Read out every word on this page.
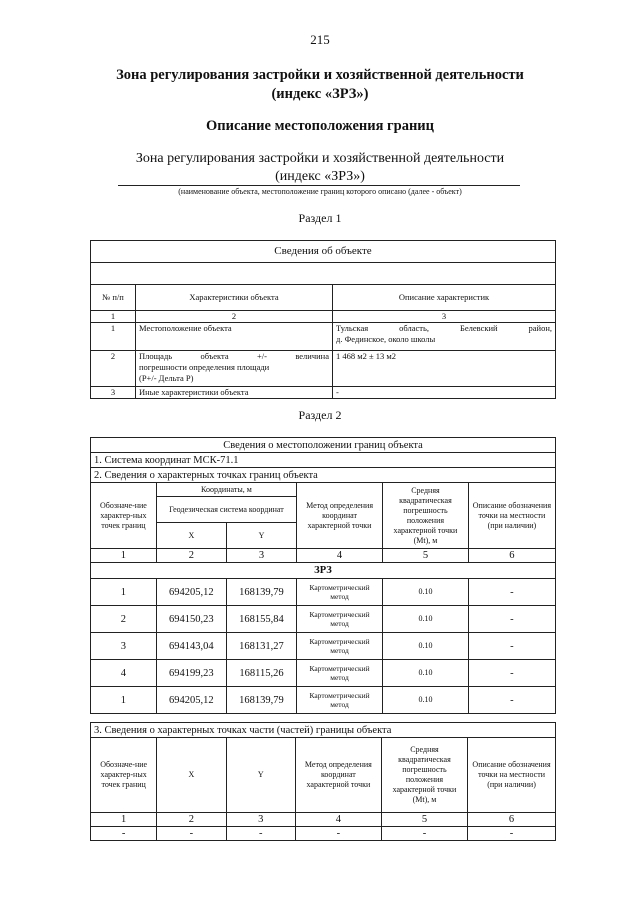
215
Зона регулирования застройки и хозяйственной деятельности
(индекс «ЗРЗ»)
Описание местоположения границ
Зона регулирования застройки и хозяйственной деятельности
(индекс «ЗРЗ»)
(наименование объекта, местоположение границ которого описано (далее - объект)
Раздел 1
Сведения об объекте		

№ п/п	Характеристики объекта	Описание характеристик
1	2	3
1	Местоположение объекта	Тульская область, Белевский район,
д. Фединское, около школы

2	Площадь объекта +/- величина
погрешности определения площади
(Р+/- Дельта Р)	1 468 м2 ± 13 м2
3	Иные характеристики объекта	-
Раздел 2
Сведения о местоположении границ объекта					
1. Система координат МСК-71.1					
2. Сведения о характерных точках границ объекта					
Обозначе-ние характер-ных точек границ	Координаты, м		Метод определения координат характерной точки	Средняя квадратическая погрешность положения характерной точки (Mt), м	Описание обозначения точки на местности (при наличии)
	Геодезическая система координат				
	X	Y			
1	2	3	4	5	6
ЗРЗ					
1	694205,12	168139,79	Картометрический метод	0.10	-
2	694150,23	168155,84	Картометрический метод	0.10	-
3	694143,04	168131,27	Картометрический метод	0.10	-
4	694199,23	168115,26	Картометрический метод	0.10	-
1	694205,12	168139,79	Картометрический метод	0.10	-
3. Сведения о характерных точках части (частей) границы объекта					
Обозначе-ние характер-ных точек границ	X	Y	Метод определения координат характерной точки	Средняя квадратическая погрешность положения характерной точки (Mt), м	Описание обозначения точки на местности (при наличии)
1	2	3	4	5	6
-	-	-	-	-	-
